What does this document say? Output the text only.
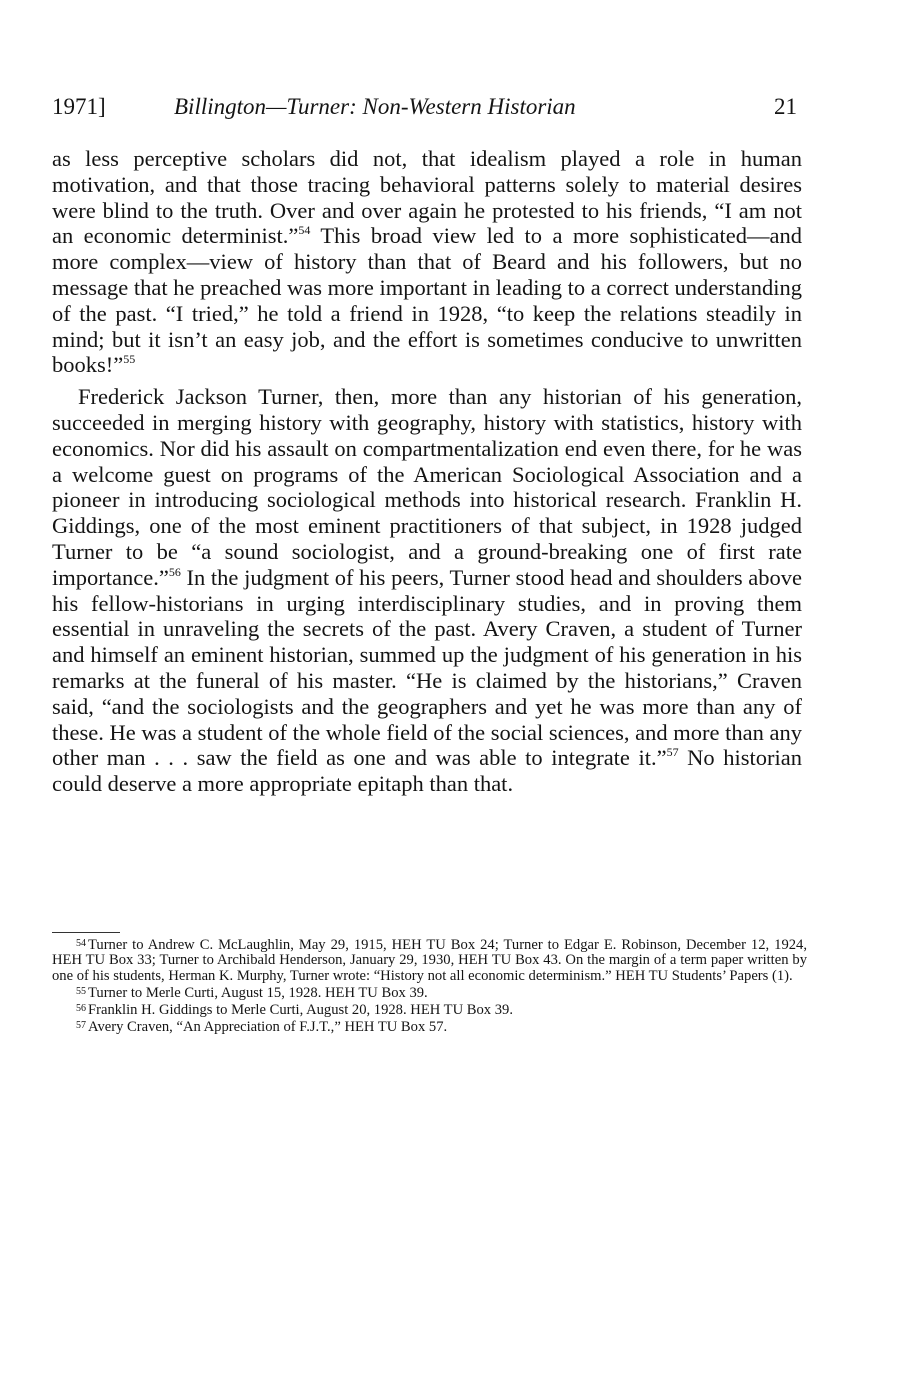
1971]	Billington—Turner: Non-Western Historian	21

as less perceptive scholars did not, that idealism played a role in human motivation, and that those tracing behavioral patterns solely to material desires were blind to the truth. Over and over again he protested to his friends, “I am not an economic determinist.”$^{54}$ This broad view led to a more sophisticated—and more complex—view of history than that of Beard and his followers, but no message that he preached was more important in leading to a correct understanding of the past. “I tried,” he told a friend in 1928, “to keep the relations steadily in mind; but it isn’t an easy job, and the effort is sometimes conducive to unwritten books!”$^{55}$

Frederick Jackson Turner, then, more than any historian of his generation, succeeded in merging history with geography, history with statistics, history with economics. Nor did his assault on compartmentalization end even there, for he was a welcome guest on programs of the American Sociological Association and a pioneer in introducing sociological methods into historical research. Franklin H. Giddings, one of the most eminent practitioners of that subject, in 1928 judged Turner to be “a sound sociologist, and a ground-breaking one of first rate importance.”$^{56}$ In the judgment of his peers, Turner stood head and shoulders above his fellow-historians in urging interdisciplinary studies, and in proving them essential in unraveling the secrets of the past. Avery Craven, a student of Turner and himself an eminent historian, summed up the judgment of his generation in his remarks at the funeral of his master. “He is claimed by the historians,” Craven said, “and the sociologists and the geographers and yet he was more than any of these. He was a student of the whole field of the social sciences, and more than any other man . . . saw the field as one and was able to integrate it.”$^{57}$ No historian could deserve a more appropriate epitaph than that.

$^{54}$ Turner to Andrew C. McLaughlin, May 29, 1915, HEH TU Box 24; Turner to Edgar E. Robinson, December 12, 1924, HEH TU Box 33; Turner to Archibald Henderson, January 29, 1930, HEH TU Box 43. On the margin of a term paper written by one of his students, Herman K. Murphy, Turner wrote: “History not all economic determinism.” HEH TU Students’ Papers (1).

$^{55}$ Turner to Merle Curti, August 15, 1928. HEH TU Box 39.

$^{56}$ Franklin H. Giddings to Merle Curti, August 20, 1928. HEH TU Box 39.

$^{57}$ Avery Craven, “An Appreciation of F.J.T.,” HEH TU Box 57.
